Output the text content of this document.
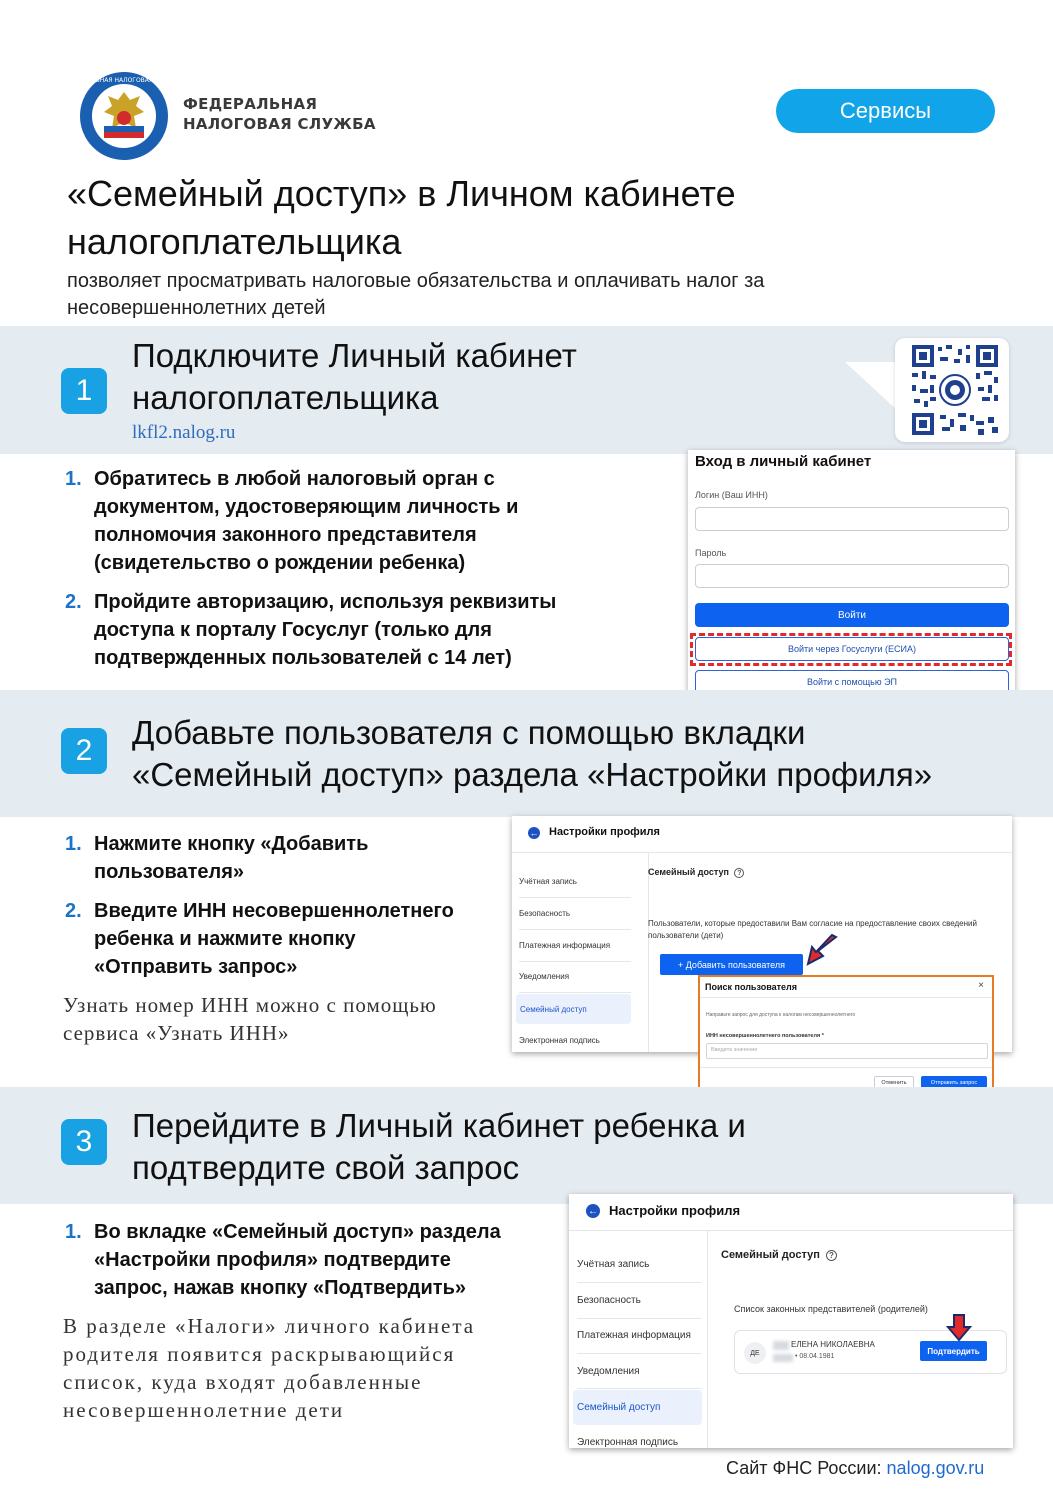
ФЕДЕРАЛЬНАЯ НАЛОГОВАЯ СЛУЖБА
ФЕДЕРАЛЬНАЯ
НАЛОГОВАЯ СЛУЖБА
Сервисы
«Семейный доступ» в Личном кабинете
налогоплательщика
позволяет просматривать налоговые обязательства и оплачивать налог за
несовершеннолетних детей
1
Подключите Личный кабинет
налогоплательщика
lkfl2.nalog.ru
1. Обратитесь в любой налоговый орган с
документом, удостоверяющим личность и
полномочия законного представителя
(свидетельство о рождении ребенка)
2. Пройдите авторизацию, используя реквизиты
доступа к порталу Госуслуг (только для
подтвержденных пользователей с 14 лет)
Вход в личный кабинет
Логин (Ваш ИНН)
Пароль
Войти
Войти через Госуслуги (ЕСИА)
Войти с помощью ЭП
2	Добавьте пользователя с помощью вкладки
«Семейный доступ» раздела «Настройки профиля»
1. Нажмите кнопку «Добавить
пользователя»
2. Введите ИНН несовершеннолетнего
ребенка и нажмите кнопку
«Отправить запрос»
Узнать номер ИНН можно с помощью
сервиса «Узнать ИНН»
← Настройки профиля
Учётная запись
Безопасность
Платежная информация
Уведомления
Семейный доступ
Электронная подпись
Семейный доступ ?
Пользователи, которые предоставили Вам согласие на предоставление своих сведений
пользователи (дети)
+ Добавить пользователя
Поиск пользователя	×
Направьте запрос для доступа к налогам несовершеннолетнего
ИНН несовершеннолетнего пользователя *
Введите значение
Отменить	Отправить запрос
3	Перейдите в Личный кабинет ребенка и
подтвердите свой запрос
1. Во вкладке «Семейный доступ» раздела
«Настройки профиля» подтвердите
запрос, нажав кнопку «Подтвердить»
В разделе «Налоги» личного кабинета
родителя появится раскрывающийся
список, куда входят добавленные
несовершеннолетние дети
← Настройки профиля
Учётная запись
Безопасность
Платежная информация
Уведомления
Семейный доступ
Электронная подпись
Семейный доступ ?
Список законных представителей (родителей)
ДЕ
ЕЛЕНА НИКОЛАЕВНА
• 08.04.1981
Подтвердить
Сайт ФНС России: nalog.gov.ru
